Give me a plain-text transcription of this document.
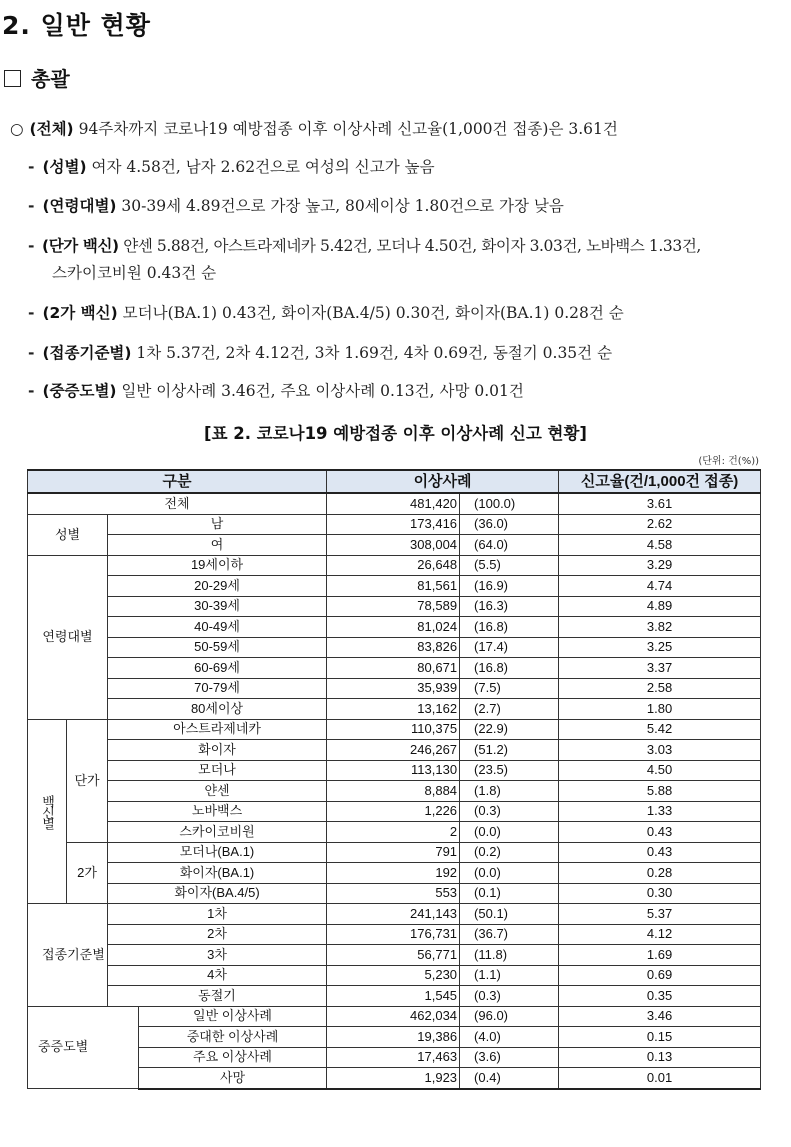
2. 일반 현황
총괄
○ (전체) 94주차까지 코로나19 예방접종 이후 이상사례 신고율(1,000건 접종)은 3.61건
- (성별) 여자 4.58건, 남자 2.62건으로 여성의 신고가 높음
- (연령대별) 30-39세 4.89건으로 가장 높고, 80세이상 1.80건으로 가장 낮음
- (단가 백신) 얀센 5.88건, 아스트라제네카 5.42건, 모더나 4.50건, 화이자 3.03건, 노바백스 1.33건,
스카이코비원 0.43건 순
- (2가 백신) 모더나(BA.1) 0.43건, 화이자(BA.4/5) 0.30건, 화이자(BA.1) 0.28건 순
- (접종기준별) 1차 5.37건, 2차 4.12건, 3차 1.69건, 4차 0.69건, 동절기 0.35건 순
- (중증도별) 일반 이상사례 3.46건, 주요 이상사례 0.13건, 사망 0.01건
[표 2. 코로나19 예방접종 이후 이상사례 신고 현황]
(단위: 건(%))
구분				이상사례		신고율(건/1,000건 접종)
전체				481,420	(100.0)	3.61
성별		남		173,416	(36.0)	2.62
		여		308,004	(64.0)	4.58
연령대별		19세이하		26,648	(5.5)	3.29
		20-29세		81,561	(16.9)	4.74
		30-39세		78,589	(16.3)	4.89
		40-49세		81,024	(16.8)	3.82
		50-59세		83,826	(17.4)	3.25
		60-69세		80,671	(16.8)	3.37
		70-79세		35,939	(7.5)	2.58
		80세이상		13,162	(2.7)	1.80
백신별	단가	아스트라제네카		110,375	(22.9)	5.42
		화이자		246,267	(51.2)	3.03
		모더나		113,130	(23.5)	4.50
		얀센		8,884	(1.8)	5.88
		노바백스		1,226	(0.3)	1.33
		스카이코비원		2	(0.0)	0.43
	2가	모더나(BA.1)		791	(0.2)	0.43
		화이자(BA.1)		192	(0.0)	0.28
		화이자(BA.4/5)		553	(0.1)	0.30
접종기준별		1차		241,143	(50.1)	5.37
		2차		176,731	(36.7)	4.12
		3차		56,771	(11.8)	1.69
		4차		5,230	(1.1)	0.69
		동절기		1,545	(0.3)	0.35
중증도별			일반 이상사례	462,034	(96.0)	3.46
			중대한 이상사례	19,386	(4.0)	0.15
			주요 이상사례	17,463	(3.6)	0.13
			사망	1,923	(0.4)	0.01
